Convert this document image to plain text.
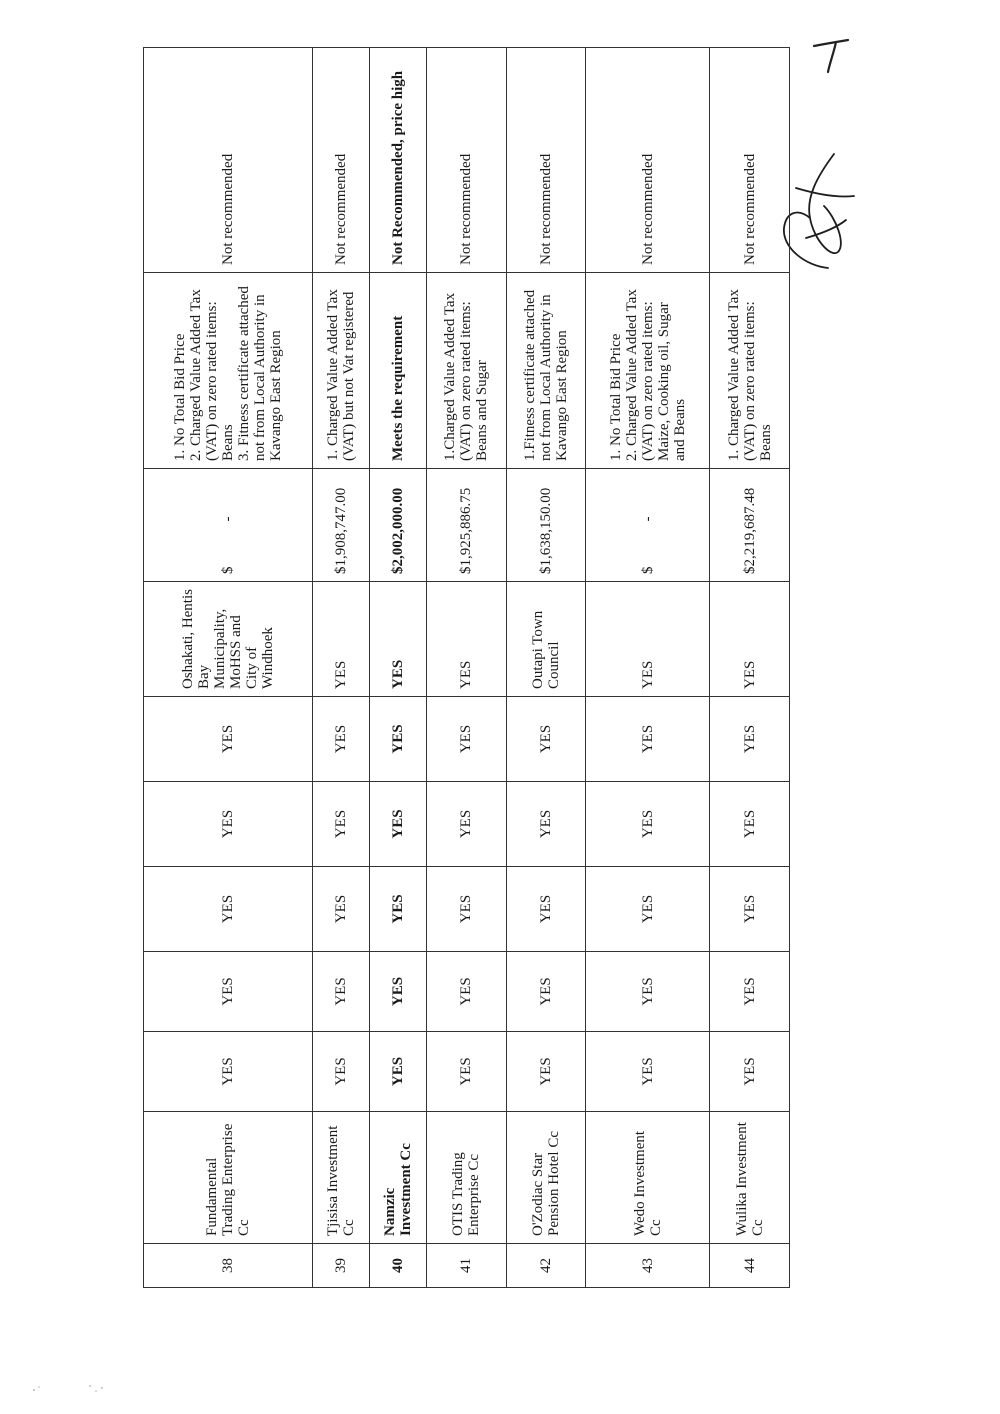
38	Fundamental Trading Enterprise Cc	YES	YES	YES	YES	YES	Oshakati, Hentis Bay Municipality, MoHSS and City of Windhoek	$            -	1. No Total Bid Price
2. Charged Value Added Tax (VAT) on zero rated items: Beans
3. Fitness certificate attached not from Local Authority in Kavango East Region	Not recommended
39	Tjisisa Investment Cc	YES	YES	YES	YES	YES	YES	$1,908,747.00	1. Charged Value Added Tax (VAT) but not Vat registered	Not recommended
40	Namzic Investment Cc	YES	YES	YES	YES	YES	YES	$2,002,000.00	Meets the requirement	Not Recommended, price high
41	OTIS Trading Enterprise Cc	YES	YES	YES	YES	YES	YES	$1,925,886.75	1.Charged Value Added Tax (VAT) on zero rated items: Beans and Sugar	Not recommended
42	O'Zodiac Star Pension Hotel Cc	YES	YES	YES	YES	YES	Outapi Town Council	$1,638,150.00	1.Fitness certificate attached not from Local Authority in Kavango East Region	Not recommended
43	Wedo Investment Cc	YES	YES	YES	YES	YES	YES	$            -	1. No Total Bid Price
2. Charged Value Added Tax (VAT) on zero rated items: Maize, Cooking oil, Sugar and Beans	Not recommended
44	Wulika Investment Cc	YES	YES	YES	YES	YES	YES	$2,219,687.48	1. Charged Value Added Tax (VAT) on zero rated items: Beans	Not recommended
